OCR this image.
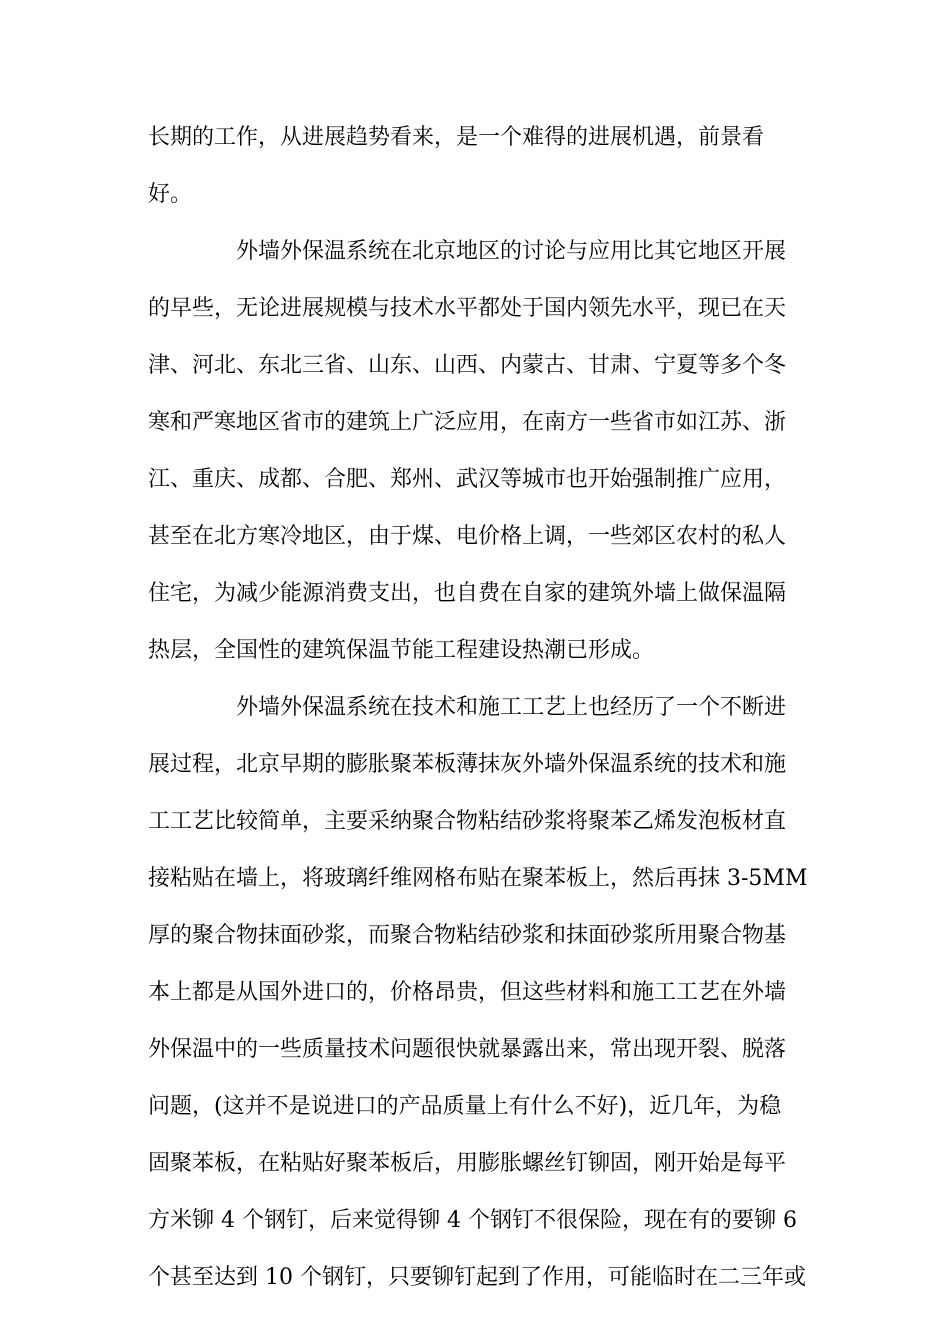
长期的工作，从进展趋势看来，是一个难得的进展机遇，前景看
好。
外墙外保温系统在北京地区的讨论与应用比其它地区开展
的早些，无论进展规模与技术水平都处于国内领先水平，现已在天
津、河北、东北三省、山东、山西、内蒙古、甘肃、宁夏等多个冬
寒和严寒地区省市的建筑上广泛应用，在南方一些省市如江苏、浙
江、重庆、成都、合肥、郑州、武汉等城市也开始强制推广应用，
甚至在北方寒冷地区，由于煤、电价格上调，一些郊区农村的私人
住宅，为减少能源消费支出，也自费在自家的建筑外墙上做保温隔
热层，全国性的建筑保温节能工程建设热潮已形成。
外墙外保温系统在技术和施工工艺上也经历了一个不断进
展过程，北京早期的膨胀聚苯板薄抹灰外墙外保温系统的技术和施
工工艺比较简单，主要采纳聚合物粘结砂浆将聚苯乙烯发泡板材直
接粘贴在墙上，将玻璃纤维网格布贴在聚苯板上，然后再抹 3-5MM
厚的聚合物抹面砂浆，而聚合物粘结砂浆和抹面砂浆所用聚合物基
本上都是从国外进口的，价格昂贵，但这些材料和施工工艺在外墙
外保温中的一些质量技术问题很快就暴露出来，常出现开裂、脱落
问题，(这并不是说进口的产品质量上有什么不好)，近几年，为稳
固聚苯板，在粘贴好聚苯板后，用膨胀螺丝钉铆固，刚开始是每平
方米铆 4 个钢钉，后来觉得铆 4 个钢钉不很保险，现在有的要铆 6
个甚至达到 10 个钢钉，只要铆钉起到了作用，可能临时在二三年或
